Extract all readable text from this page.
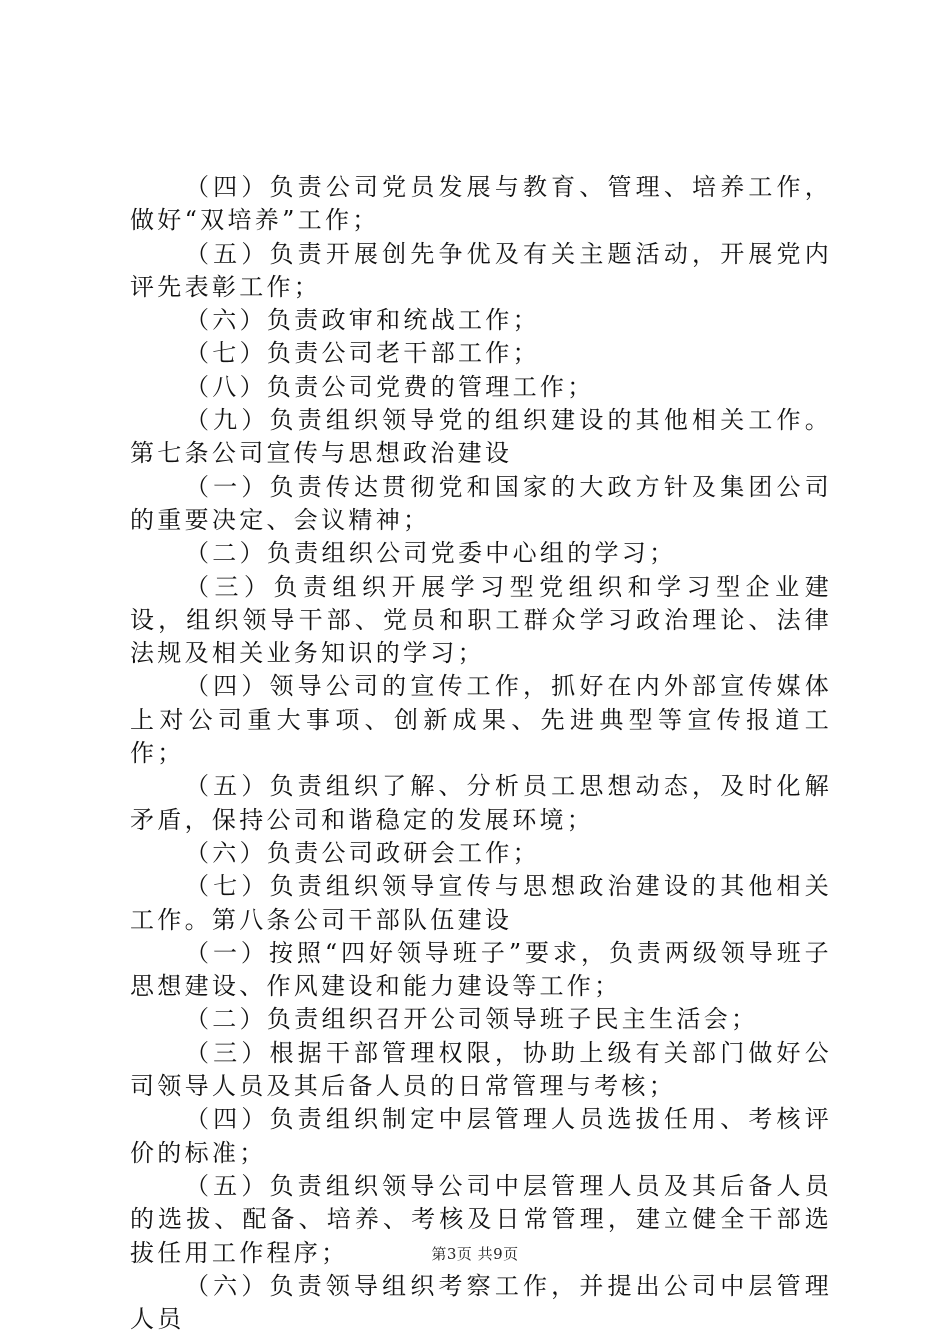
（四）负责公司党员发展与教育、管理、培养工作，做好“双培养”工作；

（五）负责开展创先争优及有关主题活动，开展党内评先表彰工作；

（六）负责政审和统战工作；

（七）负责公司老干部工作；

（八）负责公司党费的管理工作；

（九）负责组织领导党的组织建设的其他相关工作。第七条公司宣传与思想政治建设

（一）负责传达贯彻党和国家的大政方针及集团公司的重要决定、会议精神；

（二）负责组织公司党委中心组的学习；

（三）负责组织开展学习型党组织和学习型企业建设，组织领导干部、党员和职工群众学习政治理论、法律法规及相关业务知识的学习；

（四）领导公司的宣传工作，抓好在内外部宣传媒体上对公司重大事项、创新成果、先进典型等宣传报道工作；

（五）负责组织了解、分析员工思想动态，及时化解矛盾，保持公司和谐稳定的发展环境；

（六）负责公司政研会工作；

（七）负责组织领导宣传与思想政治建设的其他相关工作。第八条公司干部队伍建设

（一）按照“四好领导班子”要求，负责两级领导班子思想建设、作风建设和能力建设等工作；

（二）负责组织召开公司领导班子民主生活会；

（三）根据干部管理权限，协助上级有关部门做好公司领导人员及其后备人员的日常管理与考核；

（四）负责组织制定中层管理人员选拔任用、考核评价的标准；

（五）负责组织领导公司中层管理人员及其后备人员的选拔、配备、培养、考核及日常管理，建立健全干部选拔任用工作程序；

（六）负责领导组织考察工作，并提出公司中层管理人员

第3页 共9页
